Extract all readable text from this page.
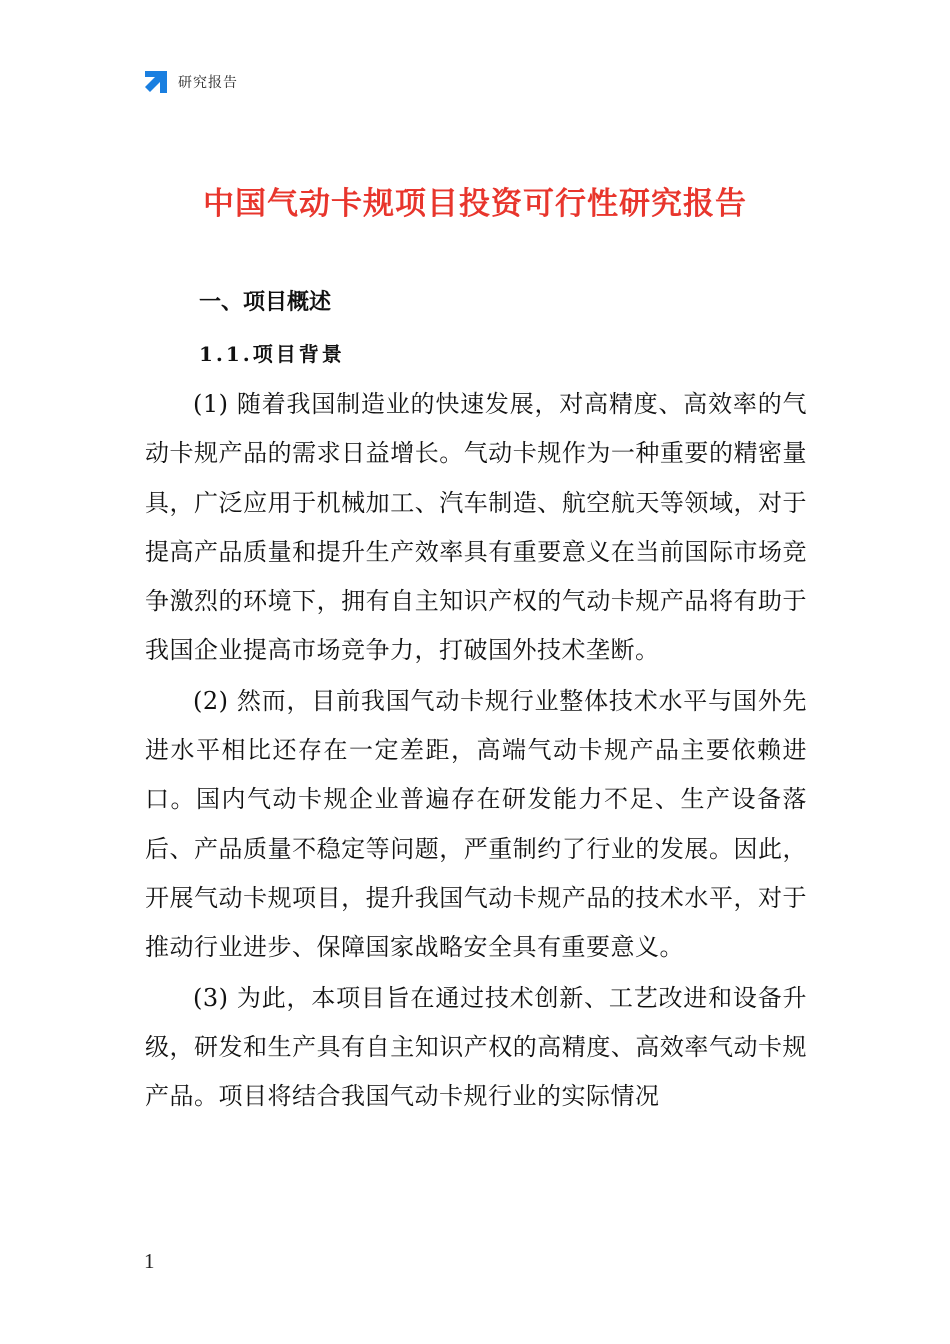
研究报告
中国气动卡规项目投资可行性研究报告
一、项目概述
1.1.项目背景

(1) 随着我国制造业的快速发展，对高精度、高效率的气动卡规产品的需求日益增长。气动卡规作为一种重要的精密量具，广泛应用于机械加工、汽车制造、航空航天等领域，对于提高产品质量和提升生产效率具有重要意义在当前国际市场竞争激烈的环境下，拥有自主知识产权的气动卡规产品将有助于我国企业提高市场竞争力，打破国外技术垄断。

(2) 然而，目前我国气动卡规行业整体技术水平与国外先进水平相比还存在一定差距，高端气动卡规产品主要依赖进口。国内气动卡规企业普遍存在研发能力不足、生产设备落后、产品质量不稳定等问题，严重制约了行业的发展。因此，开展气动卡规项目，提升我国气动卡规产品的技术水平，对于推动行业进步、保障国家战略安全具有重要意义。

(3) 为此，本项目旨在通过技术创新、工艺改进和设备升级，研发和生产具有自主知识产权的高精度、高效率气动卡规产品。项目将结合我国气动卡规行业的实际情况

1
